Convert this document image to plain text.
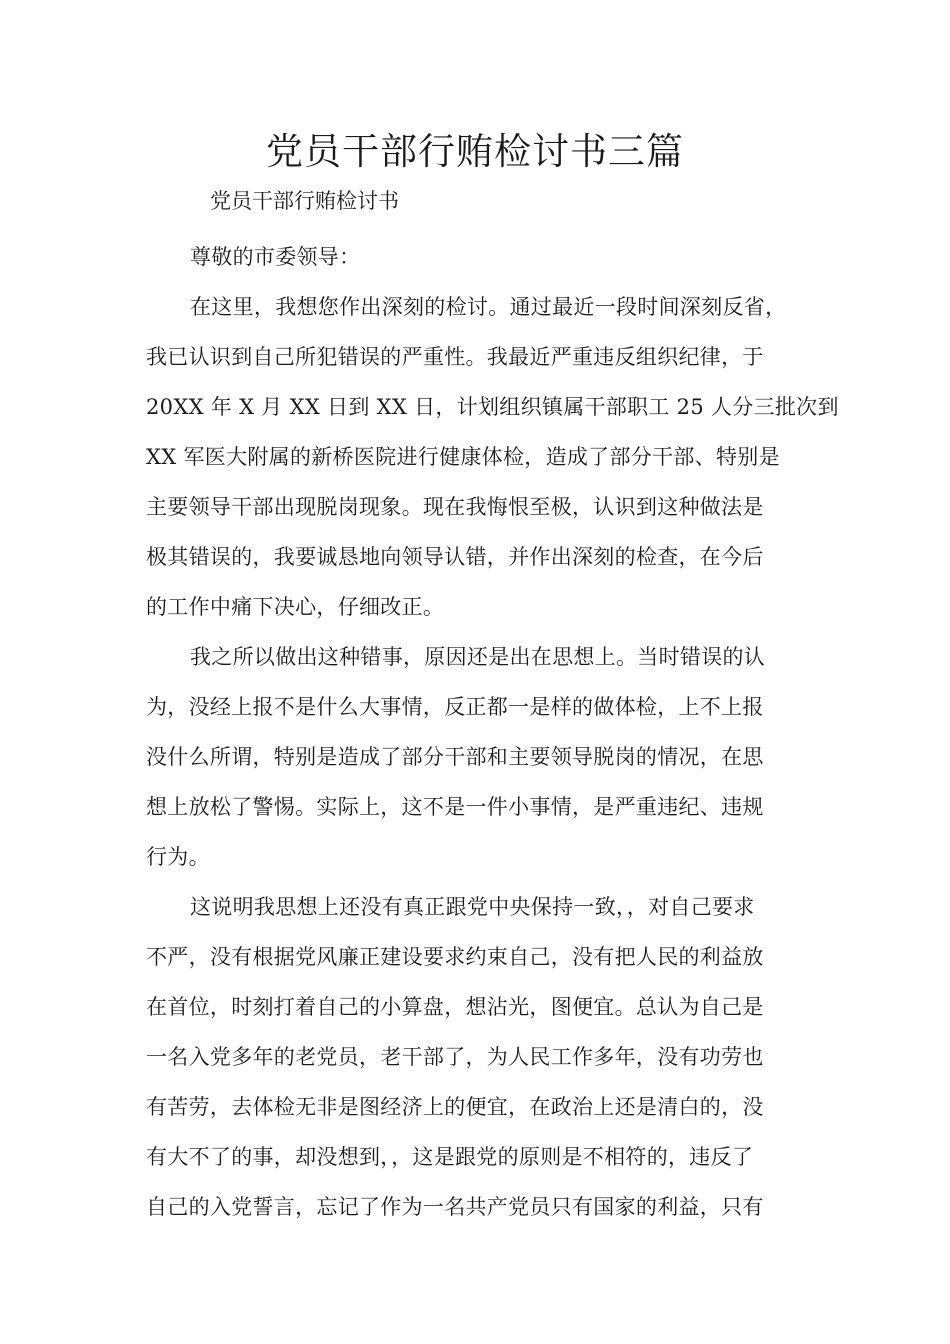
党员干部行贿检讨书三篇

党员干部行贿检讨书

尊敬的市委领导：
在这里，我想您作出深刻的检讨。通过最近一段时间深刻反省，
我已认识到自己所犯错误的严重性。我最近严重违反组织纪律，于
20XX 年 X 月 XX 日到 XX 日，计划组织镇属干部职工 25 人分三批次到
XX 军医大附属的新桥医院进行健康体检，造成了部分干部、特别是
主要领导干部出现脱岗现象。现在我悔恨至极，认识到这种做法是
极其错误的，我要诚恳地向领导认错，并作出深刻的检查，在今后
的工作中痛下决心，仔细改正。
我之所以做出这种错事，原因还是出在思想上。当时错误的认
为，没经上报不是什么大事情，反正都一是样的做体检，上不上报
没什么所谓，特别是造成了部分干部和主要领导脱岗的情况，在思
想上放松了警惕。实际上，这不是一件小事情，是严重违纪、违规
行为。
这说明我思想上还没有真正跟党中央保持一致，，对自己要求
不严，没有根据党风廉正建设要求约束自己，没有把人民的利益放
在首位，时刻打着自己的小算盘，想沾光，图便宜。总认为自己是
一名入党多年的老党员，老干部了，为人民工作多年，没有功劳也
有苦劳，去体检无非是图经济上的便宜，在政治上还是清白的，没
有大不了的事，却没想到，，这是跟党的原则是不相符的，违反了
自己的入党誓言，忘记了作为一名共产党员只有国家的利益，只有
